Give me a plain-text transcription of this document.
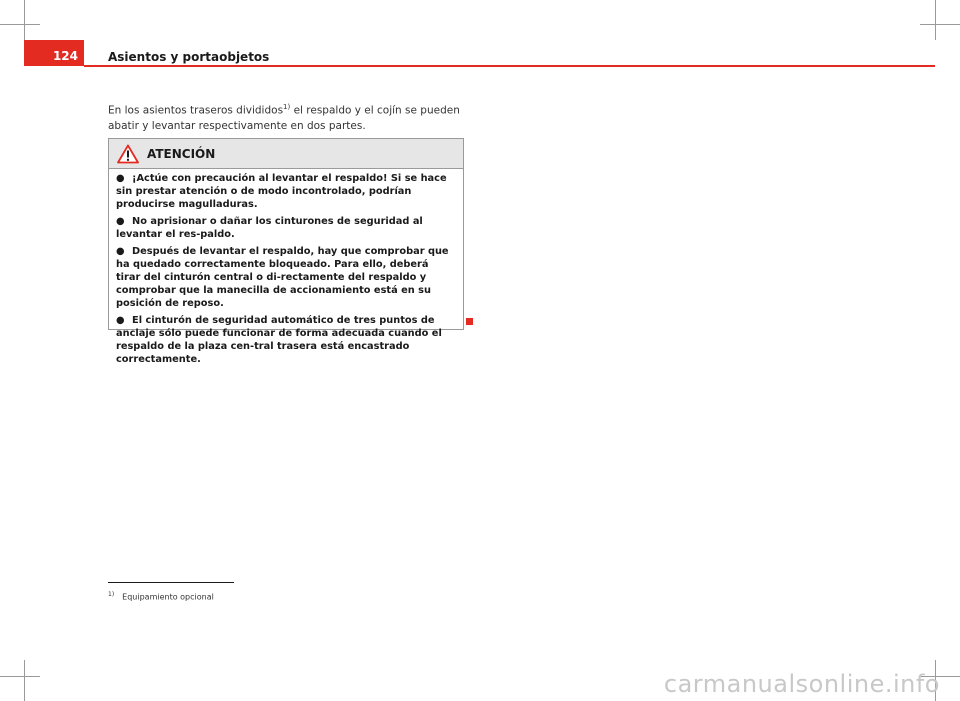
124	Asientos y portaobjetos
En los asientos traseros divididos$^{1)}$ el respaldo y el cojín se pueden abatir y levantar respectivamente en dos partes.
ATENCIÓN

● ¡Actúe con precaución al levantar el respaldo! Si se hace sin prestar atención o de modo incontrolado, podrían producirse magulladuras.

● No aprisionar o dañar los cinturones de seguridad al levantar el res-paldo.

● Después de levantar el respaldo, hay que comprobar que ha quedado correctamente bloqueado. Para ello, deberá tirar del cinturón central o di-rectamente del respaldo y comprobar que la manecilla de accionamiento está en su posición de reposo.

● El cinturón de seguridad automático de tres puntos de anclaje sólo puede funcionar de forma adecuada cuando el respaldo de la plaza cen-tral trasera está encastrado correctamente.

$^{1)}$ Equipamiento opcional
carmanualsonline.info
